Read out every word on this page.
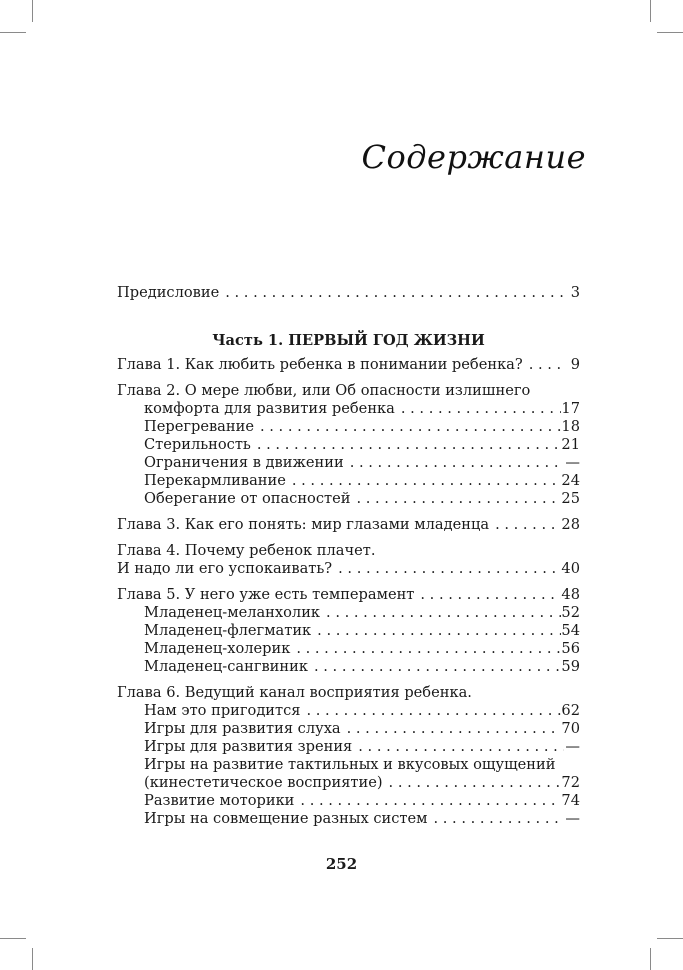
Содержание
Предисловие . . .	3
Часть 1. ПЕРВЫЙ ГОД ЖИЗНИ
Глава 1. Как любить ребенка в понимании ребенка? . . .	9
Глава 2. О мере любви, или Об опасности излишнего
комфорта для развития ребенка . . .	17
Перегревание . . .	18
Стерильность . . .	21
Ограничения в движении . . .	—
Перекармливание . . .	24
Оберегание от опасностей . . .	25
Глава 3. Как его понять: мир глазами младенца . . .	28
Глава 4. Почему ребенок плачет.
И надо ли его успокаивать? . . .	40
Глава 5. У него уже есть темперамент . . .	48
Младенец-меланхолик . . .	52
Младенец-флегматик . . .	54
Младенец-холерик . . .	56
Младенец-сангвиник . . .	59
Глава 6. Ведущий канал восприятия ребенка.
Нам это пригодится . . .	62
Игры для развития слуха . . .	70
Игры для развития зрения . . .	—
Игры на развитие тактильных и вкусовых ощущений
(кинестетическое восприятие) . . .	72
Развитие моторики . . .	74
Игры на совмещение разных систем . . .	—
252
